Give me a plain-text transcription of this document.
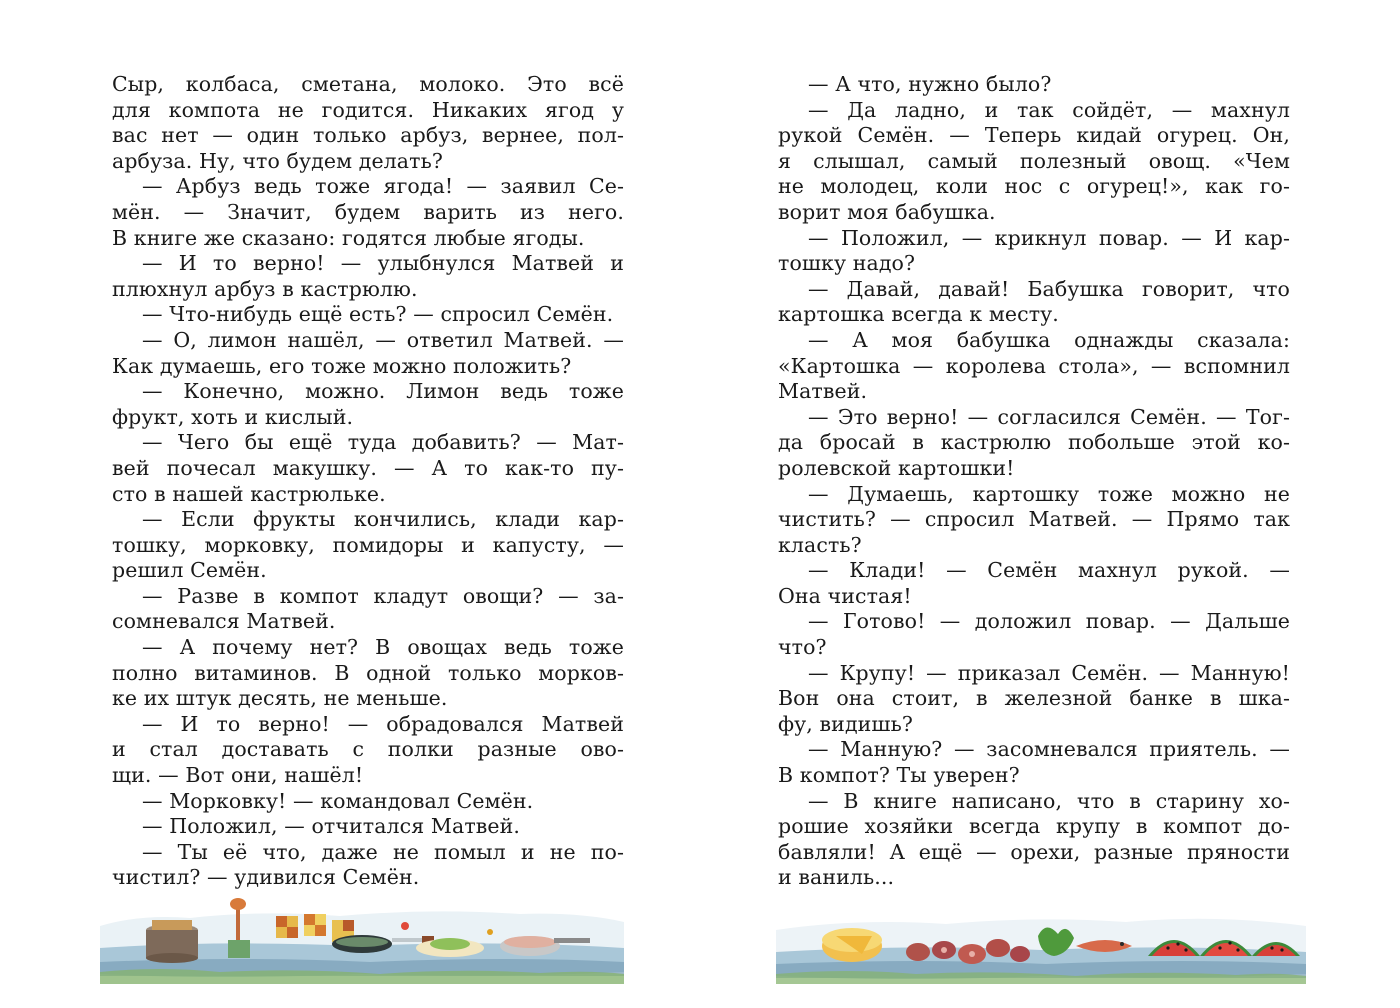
Сыр, колбаса, сметана, молоко. Это всё
для компота не годится. Никаких ягод у
вас нет — один только арбуз, вернее, пол-
арбуза. Ну, что будем делать?
— Арбуз ведь тоже ягода! — заявил Се-
мён. — Значит, будем варить из него.
В книге же сказано: годятся любые ягоды.
— И то верно! — улыбнулся Матвей и
плюхнул арбуз в кастрюлю.
— Что-нибудь ещё есть? — спросил Семён.
— О, лимон нашёл, — ответил Матвей. —
Как думаешь, его тоже можно положить?
— Конечно, можно. Лимон ведь тоже
фрукт, хоть и кислый.
— Чего бы ещё туда добавить? — Мат-
вей почесал макушку. — А то как-то пу-
сто в нашей кастрюльке.
— Если фрукты кончились, клади кар-
тошку, морковку, помидоры и капусту, —
решил Семён.
— Разве в компот кладут овощи? — за-
сомневался Матвей.
— А почему нет? В овощах ведь тоже
полно витаминов. В одной только морков-
ке их штук десять, не меньше.
— И то верно! — обрадовался Матвей
и стал доставать с полки разные ово-
щи. — Вот они, нашёл!
— Морковку! — командовал Семён.
— Положил, — отчитался Матвей.
— Ты её что, даже не помыл и не по-
чистил? — удивился Семён.
— А что, нужно было?
— Да ладно, и так сойдёт, — махнул
рукой Семён. — Теперь кидай огурец. Он,
я слышал, самый полезный овощ. «Чем
не молодец, коли нос с огурец!», как го-
ворит моя бабушка.
— Положил, — крикнул повар. — И кар-
тошку надо?
— Давай, давай! Бабушка говорит, что
картошка всегда к месту.
— А моя бабушка однажды сказала:
«Картошка — королева стола», — вспомнил
Матвей.
— Это верно! — согласился Семён. — Тог-
да бросай в кастрюлю побольше этой ко-
ролевской картошки!
— Думаешь, картошку тоже можно не
чистить? — спросил Матвей. — Прямо так
класть?
— Клади! — Семён махнул рукой. —
Она чистая!
— Готово! — доложил повар. — Дальше
что?
— Крупу! — приказал Семён. — Манную!
Вон она стоит, в железной банке в шка-
фу, видишь?
— Манную? — засомневался приятель. —
В компот? Ты уверен?
— В книге написано, что в старину хо-
рошие хозяйки всегда крупу в компот до-
бавляли! А ещё — орехи, разные пряности
и ваниль...
